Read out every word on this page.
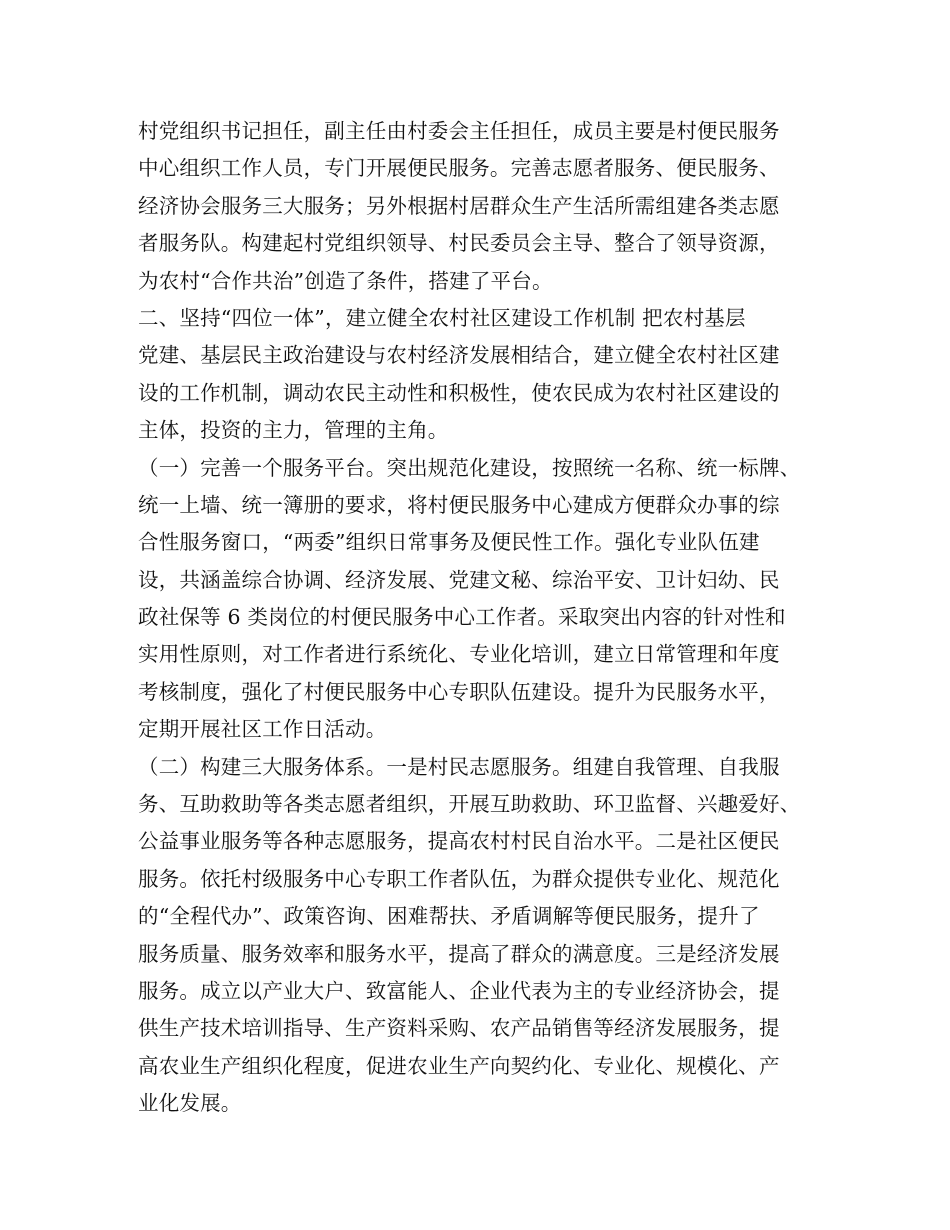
村党组织书记担任，副主任由村委会主任担任，成员主要是村便民服务
中心组织工作人员，专门开展便民服务。完善志愿者服务、便民服务、
经济协会服务三大服务；另外根据村居群众生产生活所需组建各类志愿
者服务队。构建起村党组织领导、村民委员会主导、整合了领导资源，
为农村“合作共治”创造了条件，搭建了平台。
二、坚持“四位一体”，建立健全农村社区建设工作机制 把农村基层
党建、基层民主政治建设与农村经济发展相结合，建立健全农村社区建
设的工作机制，调动农民主动性和积极性，使农民成为农村社区建设的
主体，投资的主力，管理的主角。
（一）完善一个服务平台。突出规范化建设，按照统一名称、统一标牌、
统一上墙、统一簿册的要求，将村便民服务中心建成方便群众办事的综
合性服务窗口，“两委”组织日常事务及便民性工作。强化专业队伍建
设，共涵盖综合协调、经济发展、党建文秘、综治平安、卫计妇幼、民
政社保等 6 类岗位的村便民服务中心工作者。采取突出内容的针对性和
实用性原则，对工作者进行系统化、专业化培训，建立日常管理和年度
考核制度，强化了村便民服务中心专职队伍建设。提升为民服务水平，
定期开展社区工作日活动。
（二）构建三大服务体系。一是村民志愿服务。组建自我管理、自我服
务、互助救助等各类志愿者组织，开展互助救助、环卫监督、兴趣爱好、
公益事业服务等各种志愿服务，提高农村村民自治水平。二是社区便民
服务。依托村级服务中心专职工作者队伍，为群众提供专业化、规范化
的“全程代办”、政策咨询、困难帮扶、矛盾调解等便民服务，提升了
服务质量、服务效率和服务水平，提高了群众的满意度。三是经济发展
服务。成立以产业大户、致富能人、企业代表为主的专业经济协会，提
供生产技术培训指导、生产资料采购、农产品销售等经济发展服务，提
高农业生产组织化程度，促进农业生产向契约化、专业化、规模化、产
业化发展。
